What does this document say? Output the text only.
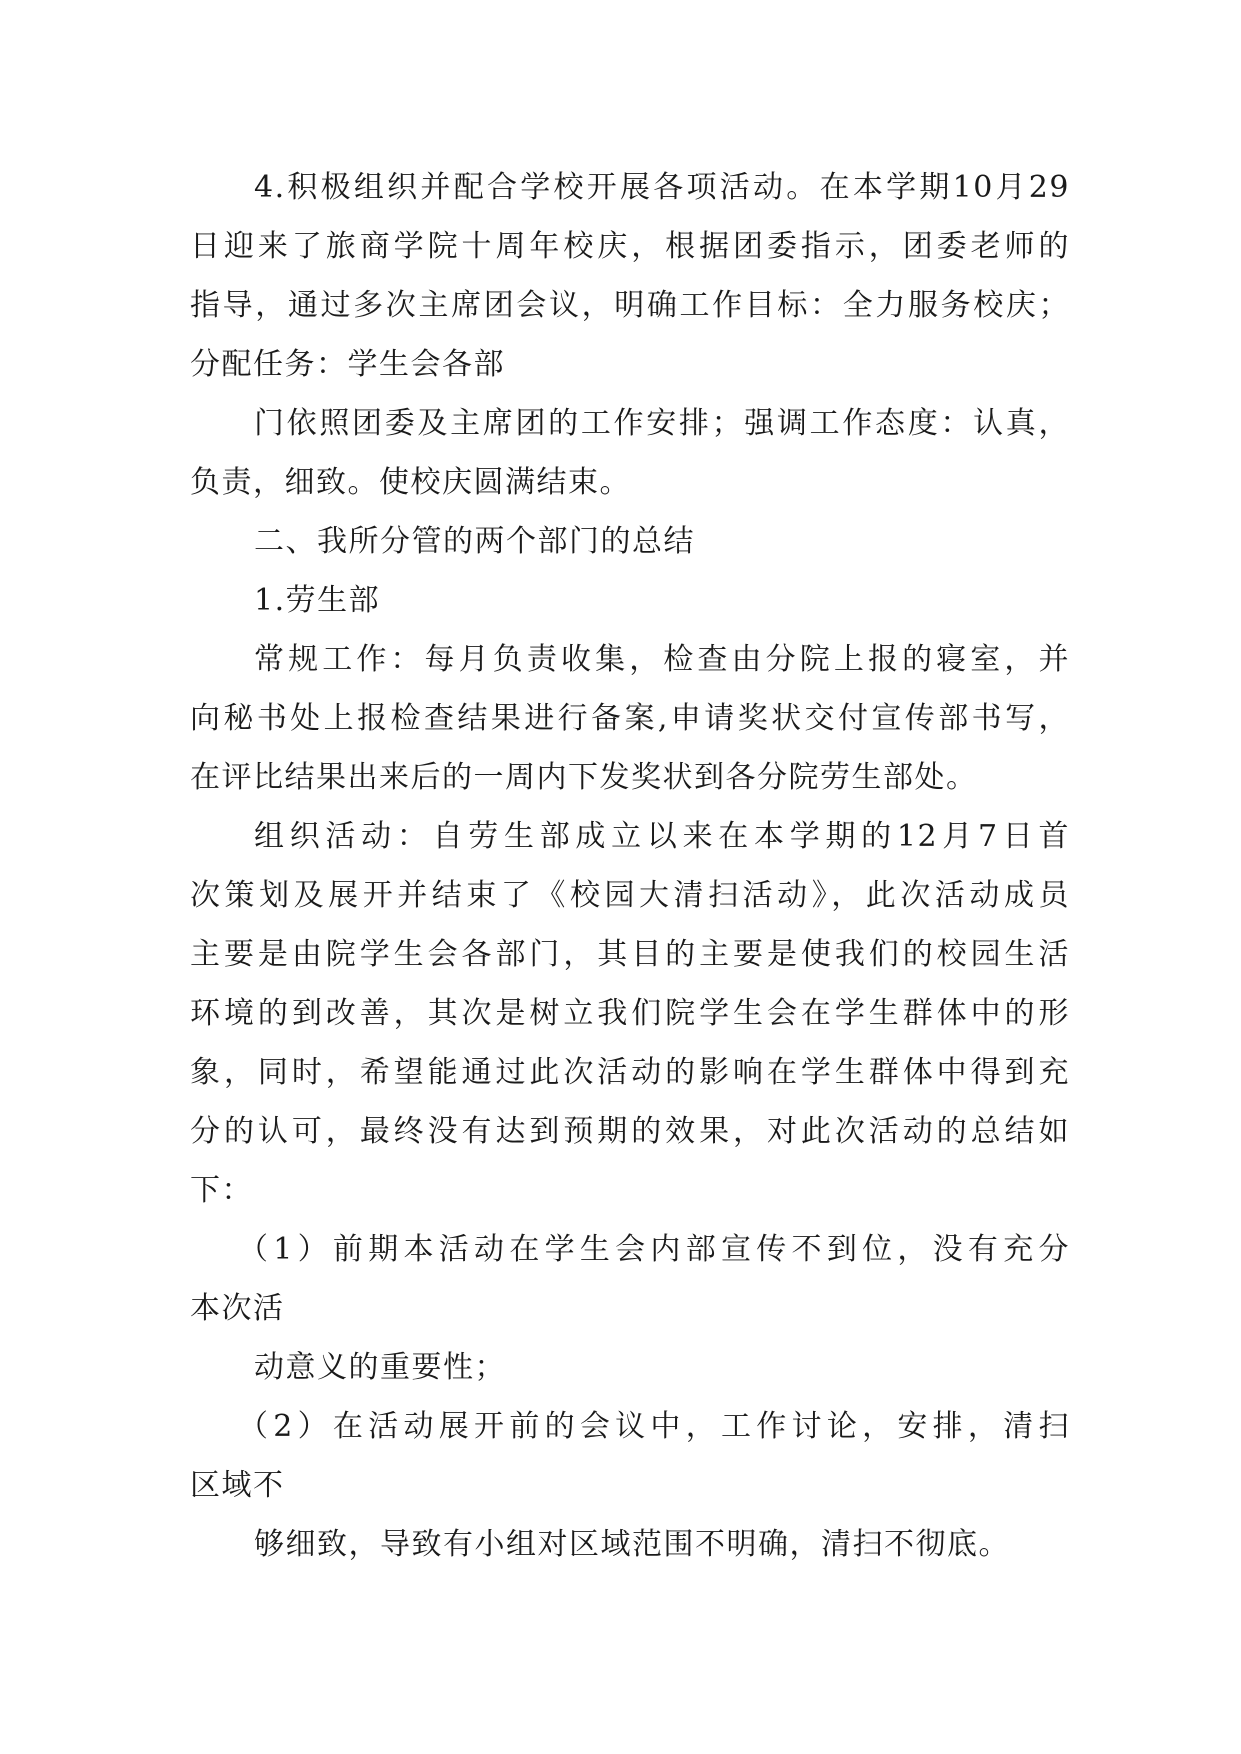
4.积极组织并配合学校开展各项活动。在本学期10月29
日迎来了旅商学院十周年校庆，根据团委指示，团委老师的
指导，通过多次主席团会议，明确工作目标：全力服务校庆；
分配任务：学生会各部
门依照团委及主席团的工作安排；强调工作态度：认真，
负责，细致。使校庆圆满结束。
二、我所分管的两个部门的总结
1.劳生部
常规工作：每月负责收集，检查由分院上报的寝室，并
向秘书处上报检查结果进行备案,申请奖状交付宣传部书写，
在评比结果出来后的一周内下发奖状到各分院劳生部处。
组织活动：自劳生部成立以来在本学期的12月7日首
次策划及展开并结束了《校园大清扫活动》，此次活动成员
主要是由院学生会各部门，其目的主要是使我们的校园生活
环境的到改善，其次是树立我们院学生会在学生群体中的形
象，同时，希望能通过此次活动的影响在学生群体中得到充
分的认可，最终没有达到预期的效果，对此次活动的总结如
下：
（1）前期本活动在学生会内部宣传不到位，没有充分
本次活
动意义的重要性；
（2）在活动展开前的会议中，工作讨论，安排，清扫
区域不
够细致，导致有小组对区域范围不明确，清扫不彻底。
